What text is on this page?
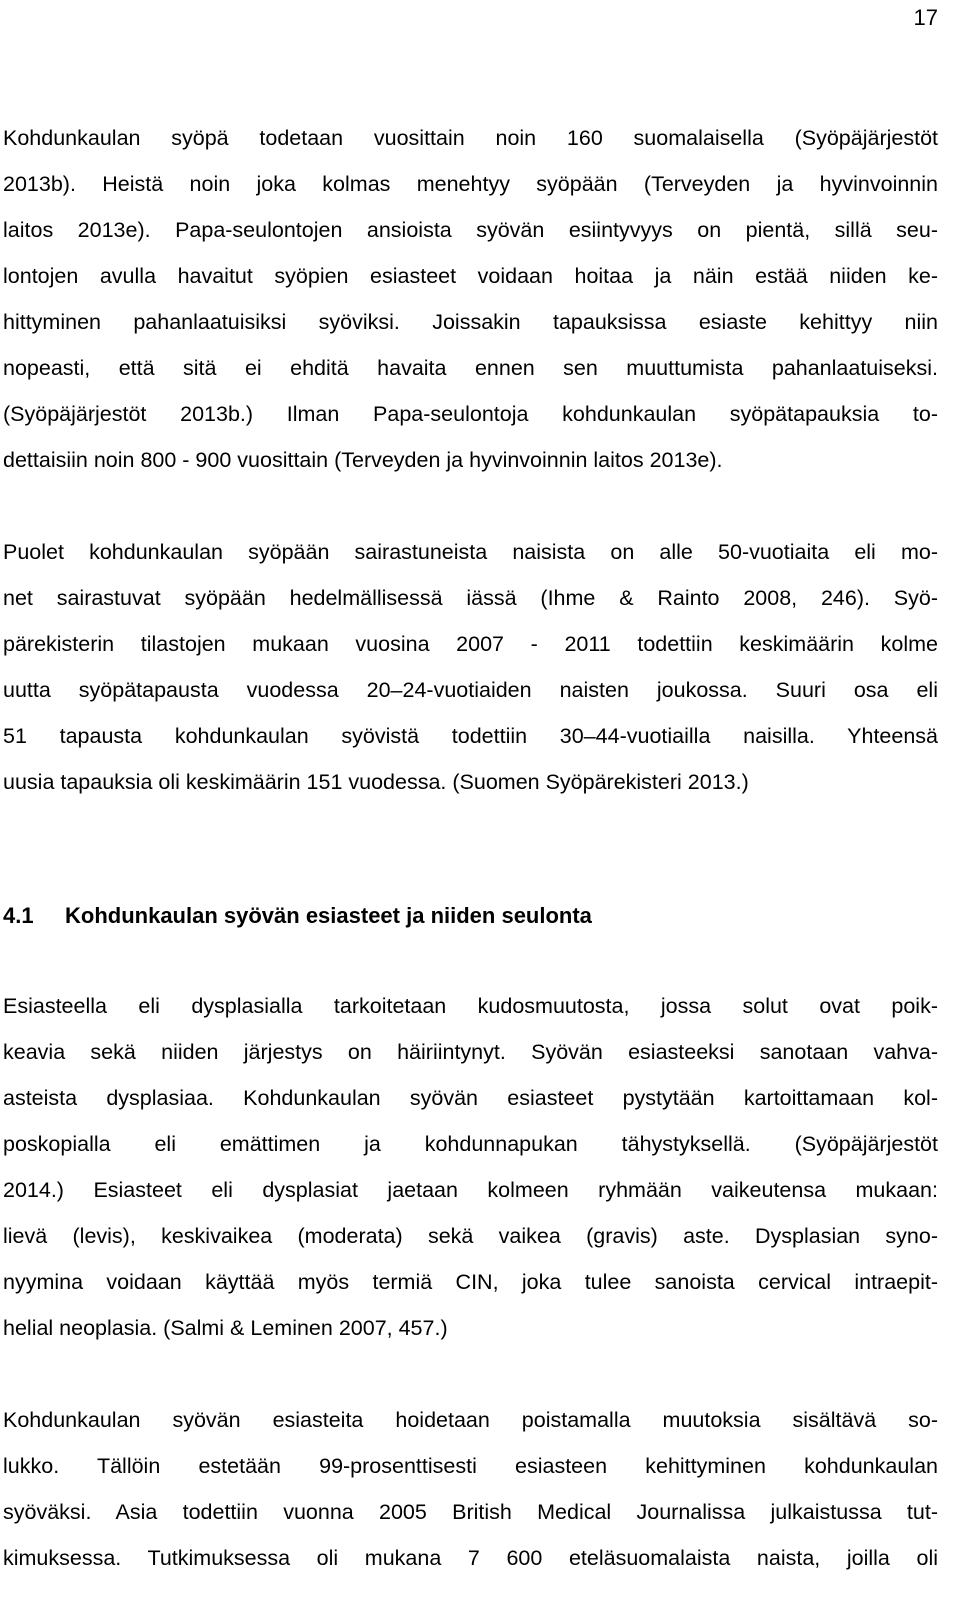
17
Kohdunkaulan syöpä todetaan vuosittain noin 160 suomalaisella (Syöpäjärjestöt
2013b). Heistä noin joka kolmas menehtyy syöpään (Terveyden ja hyvinvoinnin
laitos 2013e). Papa-seulontojen ansioista syövän esiintyvyys on pientä, sillä seu-
lontojen avulla havaitut syöpien esiasteet voidaan hoitaa ja näin estää niiden ke-
hittyminen pahanlaatuisiksi syöviksi. Joissakin tapauksissa esiaste kehittyy niin
nopeasti, että sitä ei ehditä havaita ennen sen muuttumista pahanlaatuiseksi.
(Syöpäjärjestöt 2013b.) Ilman Papa-seulontoja kohdunkaulan syöpätapauksia to-
dettaisiin noin 800 - 900 vuosittain (Terveyden ja hyvinvoinnin laitos 2013e).
Puolet kohdunkaulan syöpään sairastuneista naisista on alle 50-vuotiaita eli mo-
net sairastuvat syöpään hedelmällisessä iässä (Ihme & Rainto 2008, 246). Syö-
pärekisterin tilastojen mukaan vuosina 2007 - 2011 todettiin keskimäärin kolme
uutta syöpätapausta vuodessa 20–24-vuotiaiden naisten joukossa. Suuri osa eli
51 tapausta kohdunkaulan syövistä todettiin 30–44-vuotiailla naisilla. Yhteensä
uusia tapauksia oli keskimäärin 151 vuodessa. (Suomen Syöpärekisteri 2013.)
4.1 Kohdunkaulan syövän esiasteet ja niiden seulonta
Esiasteella eli dysplasialla tarkoitetaan kudosmuutosta, jossa solut ovat poik-
keavia sekä niiden järjestys on häiriintynyt. Syövän esiasteeksi sanotaan vahva-
asteista dysplasiaa. Kohdunkaulan syövän esiasteet pystytään kartoittamaan kol-
poskopialla eli emättimen ja kohdunnapukan tähystyksellä. (Syöpäjärjestöt
2014.) Esiasteet eli dysplasiat jaetaan kolmeen ryhmään vaikeutensa mukaan:
lievä (levis), keskivaikea (moderata) sekä vaikea (gravis) aste. Dysplasian syno-
nyymina voidaan käyttää myös termiä CIN, joka tulee sanoista cervical intraepit-
helial neoplasia. (Salmi & Leminen 2007, 457.)
Kohdunkaulan syövän esiasteita hoidetaan poistamalla muutoksia sisältävä so-
lukko. Tällöin estetään 99-prosenttisesti esiasteen kehittyminen kohdunkaulan
syöväksi. Asia todettiin vuonna 2005 British Medical Journalissa julkaistussa tut-
kimuksessa. Tutkimuksessa oli mukana 7 600 eteläsuomalaista naista, joilla oli
